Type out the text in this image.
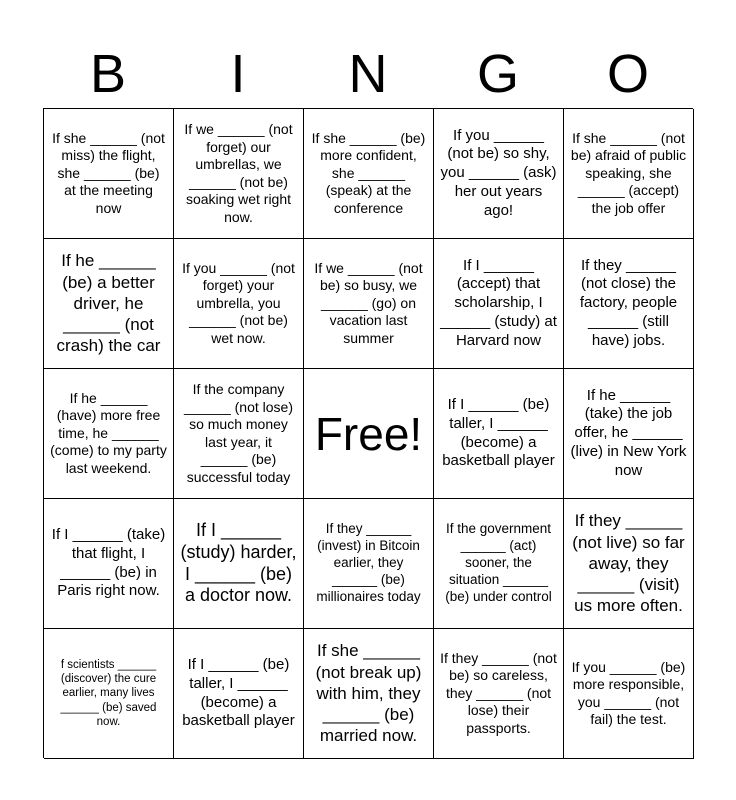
B	I	N	G	O
If she ______ (not miss) the flight, she ______ (be) at the meeting now
If we ______ (not forget) our umbrellas, we ______ (not be) soaking wet right now.
If she ______ (be) more confident, she ______ (speak) at the conference
If you ______ (not be) so shy, you ______ (ask) her out years ago!
If she ______ (not be) afraid of public speaking, she ______ (accept) the job offer
If he ______ (be) a better driver, he ______ (not crash) the car
If you ______ (not forget) your umbrella, you ______ (not be) wet now.
If we ______ (not be) so busy, we ______ (go) on vacation last summer
If I ______ (accept) that scholarship, I ______ (study) at Harvard now
If they ______ (not close) the factory, people ______ (still have) jobs.
If he ______ (have) more free time, he ______ (come) to my party last weekend.
If the company ______ (not lose) so much money last year, it ______ (be) successful today
Free!
If I ______ (be) taller, I ______ (become) a basketball player
If he ______ (take) the job offer, he ______ (live) in New York now
If I ______ (take) that flight, I ______ (be) in Paris right now.
If I ______ (study) harder, I ______ (be) a doctor now.
If they ______ (invest) in Bitcoin earlier, they ______ (be) millionaires today
If the government ______ (act) sooner, the situation ______ (be) under control
If they ______ (not live) so far away, they ______ (visit) us more often.
f scientists ______ (discover) the cure earlier, many lives ______ (be) saved now.
If I ______ (be) taller, I ______ (become) a basketball player
If she ______ (not break up) with him, they ______ (be) married now.
If they ______ (not be) so careless, they ______ (not lose) their passports.
If you ______ (be) more responsible, you ______ (not fail) the test.
